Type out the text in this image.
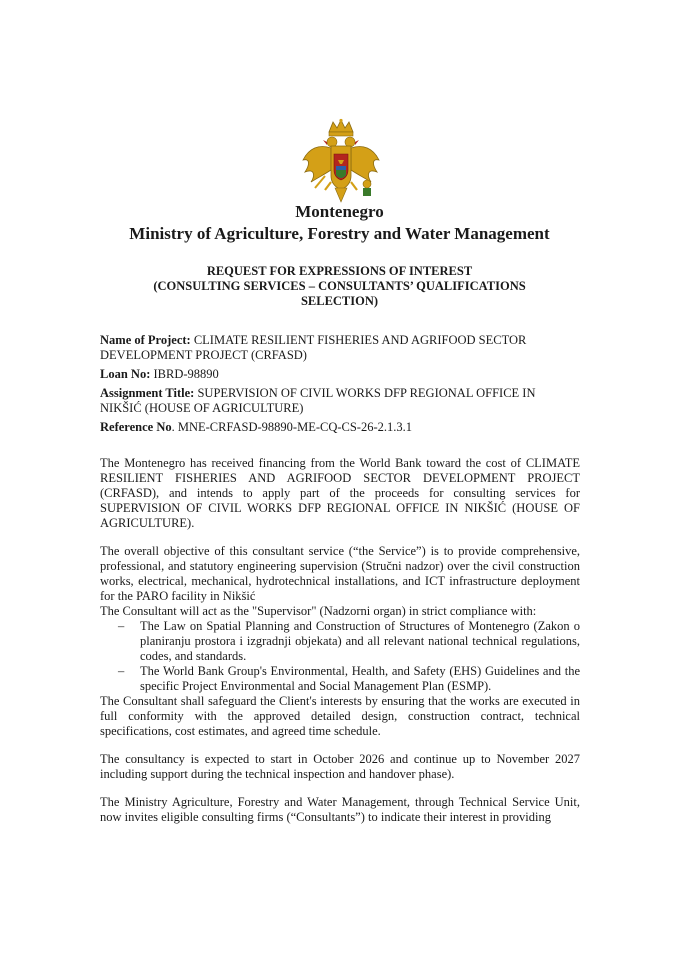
Montenegro
Ministry of Agriculture, Forestry and Water Management
REQUEST FOR EXPRESSIONS OF INTEREST
(CONSULTING SERVICES – CONSULTANTS’ QUALIFICATIONS
SELECTION)
Name of Project: CLIMATE RESILIENT FISHERIES AND AGRIFOOD SECTOR DEVELOPMENT PROJECT (CRFASD)
Loan No: IBRD-98890
Assignment Title: SUPERVISION OF CIVIL WORKS DFP REGIONAL OFFICE IN NIKŠIĆ (HOUSE OF AGRICULTURE)
Reference No. MNE-CRFASD-98890-ME-CQ-CS-26-2.1.3.1

The Montenegro has received financing from the World Bank toward the cost of CLIMATE RESILIENT FISHERIES AND AGRIFOOD SECTOR DEVELOPMENT PROJECT (CRFASD), and intends to apply part of the proceeds for consulting services for SUPERVISION OF CIVIL WORKS DFP REGIONAL OFFICE IN NIKŠIĆ (HOUSE OF AGRICULTURE).

The overall objective of this consultant service (“the Service”) is to provide comprehensive, professional, and statutory engineering supervision (Stručni nadzor) over the civil construction works, electrical, mechanical, hydrotechnical installations, and ICT infrastructure deployment for the PARO facility in Nikšić

The Consultant will act as the "Supervisor" (Nadzorni organ) in strict compliance with:

– The Law on Spatial Planning and Construction of Structures of Montenegro (Zakon o planiranju prostora i izgradnji objekata) and all relevant national technical regulations, codes, and standards.
– The World Bank Group's Environmental, Health, and Safety (EHS) Guidelines and the specific Project Environmental and Social Management Plan (ESMP).

The Consultant shall safeguard the Client's interests by ensuring that the works are executed in full conformity with the approved detailed design, construction contract, technical specifications, cost estimates, and agreed time schedule.

The consultancy is expected to start in October 2026 and continue up to November 2027 including support during the technical inspection and handover phase).

The Ministry Agriculture, Forestry and Water Management, through Technical Service Unit, now invites eligible consulting firms (“Consultants”) to indicate their interest in providing
